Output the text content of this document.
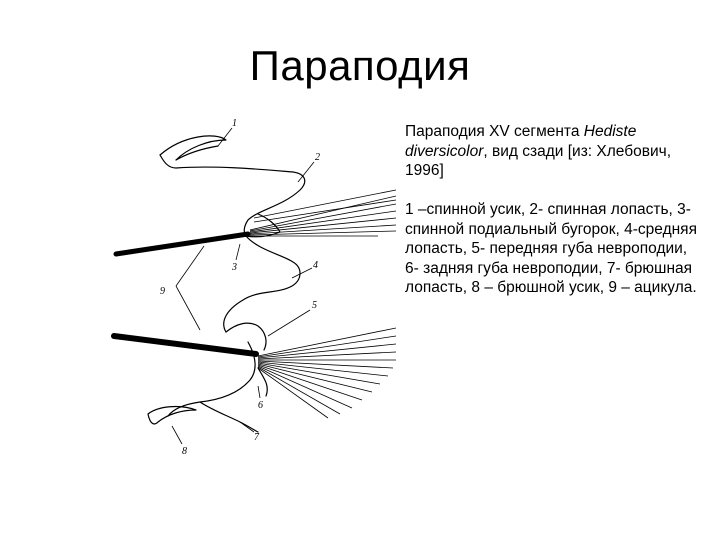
Параподия
1
2
3	4
5
6
7
8
9

Параподия XV сегмента Hediste diversicolor, вид сзади [из: Хлебович, 1996]

1 –спинной усик, 2- спинная лопасть, 3- спинной подиальный бугорок, 4-средняя лопасть, 5- передняя губа невроподии, 6- задняя губа невроподии, 7- брюшная лопасть, 8 – брюшной усик, 9 – ацикула.
